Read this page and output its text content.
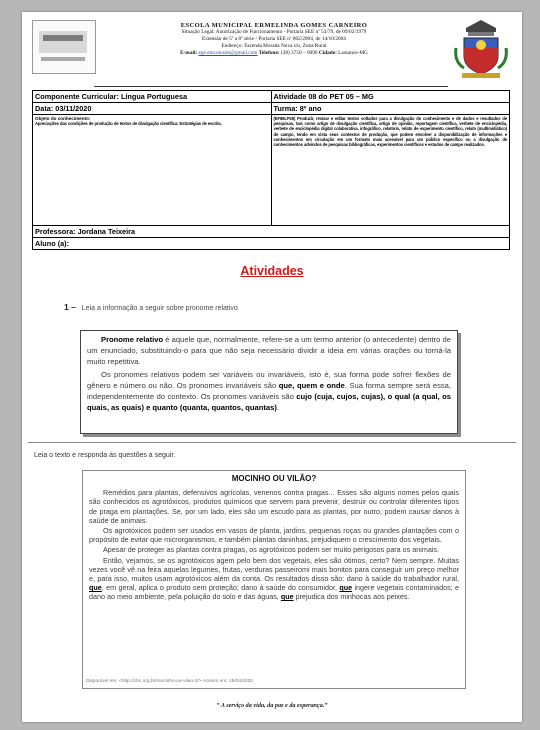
ESCOLA MUNICIPAL ERMELINDA GOMES CARNEIRO
Situação Legal: Autorização de Funcionamento - Portaria SEE nº 53/79, de 09/02/1979
Extensão de 5º a 8º série - Portaria SEE nº 802/2004, de 14/10/2004
Endereço: Fazenda Morada Nova s/n, Zona Rural
E-mail: ege.emcolosdo@gmail.com Telefone: (38) 3750 – 0096 Cidade: Lassance-MG
Componente Curricular: Língua Portuguesa	Atividade 08 do PET 05 – MG
Data: 03/11/2020	Turma: 8º ano

Objeto do conhecimento:
Apreciações das condições de produção de textos de divulgação científica: Estratégias de escrita.	(EF89LP25) Produzir, revisar e editar textos voltados para a divulgação do conhecimento e de dados e resultados de pesquisas, tais como artigo de divulgação científica, artigo de opinião, reportagem científica, verbete de enciclopédia, verbete de enciclopédia digital colaborativa, infográfico, relatório, relato de experimento científico, relato (multimidiático) de campo, tendo em vista seus contextos de produção, que podem envolver a disponibilização de informações e conhecimentos em circulação em um formato mais acessível para um público específico ou a divulgação de conhecimentos advindos de pesquisas bibliográficas, experimentos científicos e estudos de campo realizados.
Professora: Jordana Teixeira	
Aluno (a):	
Atividades
1 – Leia a informação a seguir sobre pronome relativo

Pronome relativo é aquele que, normalmente, refere-se a um termo anterior (o antecedente) dentro de um enunciado, substituindo-o para que não seja necessário dividir a ideia em várias orações ou torná-la muito repetitiva.

Os pronomes relativos podem ser variáveis ou invariáveis, isto é, sua forma pode sofrer flexões de gênero e número ou não. Os pronomes invariáveis são que, quem e onde. Sua forma sempre será essa, independentemente do contexto. Os pronomes variáveis são cujo (cuja, cujos, cujas), o qual (a qual, os quais, as quais) e quanto (quanta, quantos, quantas).

Leia o texto e responda às questões a seguir.
MOCINHO OU VILÃO?

Remédios para plantas, defensivos agrícolas, venenos contra pragas... Esses são alguns nomes pelos quais são conhecidos os agrotóxicos, produtos químicos que servem para prevenir, destruir ou controlar diferentes tipos de praga em plantações. Se, por um lado, eles são um escudo para as plantas, por outro, podem causar danos à saúde de animais.

Os agrotóxicos podem ser usados em vasos de planta, jardins, pequenas roças ou grandes plantações com o propósito de evitar que microrganismos, e também plantas daninhas, prejudiquem o crescimento dos vegetais.

Apesar de proteger as plantas contra pragas, os agrotóxicos podem ser muito perigosos para os animais.

Então, vejamos, se os agrotóxicos agem pelo bem dos vegetais, eles são ótimos, certo? Nem sempre. Muitas vezes você vê na feira aquelas legumes, frutas, verduras passeiromi mais bonitos para conseguir um preço melhor e, para isso, muitos usam agrotóxicos além da conta. Os resultados disso são: dano à saúde do trabalhador rural, que, em geral, aplica o produto sem proteção; dano à saúde do consumidor, que ingere vegetais contaminados; e dano ao meio ambiente, pela poluição do solo e das águas, que prejudica dos minhocas aos peixes.

Disponível em: <http://chc.org.br/mocinho-ou-vilao-2/> Acesso em: 15/04/2020
“ A serviço da vida, da paz e da esperança.”
